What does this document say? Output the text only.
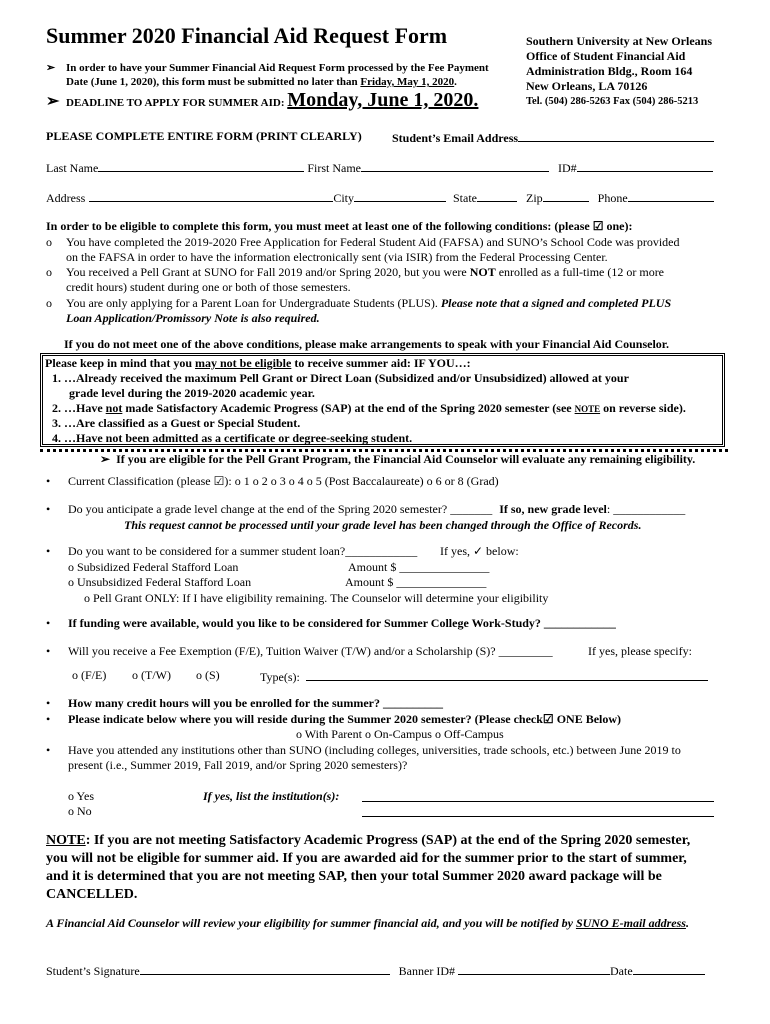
Summer 2020 Financial Aid Request Form
➢ In order to have your Summer Financial Aid Request Form processed by the Fee Payment
Date (June 1, 2020), this form must be submitted no later than Friday, May 1, 2020.
➢ DEADLINE TO APPLY FOR SUMMER AID: Monday, June 1, 2020.
Southern University at New Orleans
Office of Student Financial Aid
Administration Bldg., Room 164
New Orleans, LA 70126
Tel. (504) 286-5263 Fax (504) 286-5213
PLEASE COMPLETE ENTIRE FORM (PRINT CLEARLY)	Student’s Email Address
Last Name	First Name	ID#
Address	City	State	Zip	Phone
In order to be eligible to complete this form, you must meet at least one of the following conditions: (please ☑ one):
o You have completed the 2019-2020 Free Application for Federal Student Aid (FAFSA) and SUNO’s School Code was provided
on the FAFSA in order to have the information electronically sent (via ISIR) from the Federal Processing Center.
o You received a Pell Grant at SUNO for Fall 2019 and/or Spring 2020, but you were NOT enrolled as a full-time (12 or more
credit hours) student during one or both of those semesters.
o You are only applying for a Parent Loan for Undergraduate Students (PLUS). Please note that a signed and completed PLUS
Loan Application/Promissory Note is also required.
If you do not meet one of the above conditions, please make arrangements to speak with your Financial Aid Counselor.
Please keep in mind that you may not be eligible to receive summer aid: IF YOU…:
1. …Already received the maximum Pell Grant or Direct Loan (Subsidized and/or Unsubsidized) allowed at your
grade level during the 2019-2020 academic year.
2. …Have not made Satisfactory Academic Progress (SAP) at the end of the Spring 2020 semester (see NOTE on reverse side).
3. …Are classified as a Guest or Special Student.
4. …Have not been admitted as a certificate or degree-seeking student.
➢ If you are eligible for the Pell Grant Program, the Financial Aid Counselor will evaluate any remaining eligibility.
• Current Classification (please ☑): o 1 o 2 o 3 o 4 o 5 (Post Baccalaureate) o 6 or 8 (Grad)
• Do you anticipate a grade level change at the end of the Spring 2020 semester? _______ If so, new grade level: ____________
This request cannot be processed until your grade level has been changed through the Office of Records.
• Do you want to be considered for a summer student loan?____________ If yes, ✓ below:
o Subsidized Federal Stafford Loan	Amount $ _______________
o Unsubsidized Federal Stafford Loan	Amount $ _______________
o Pell Grant ONLY: If I have eligibility remaining. The Counselor will determine your eligibility
• If funding were available, would you like to be considered for Summer College Work-Study? ____________
• Will you receive a Fee Exemption (F/E), Tuition Waiver (T/W) and/or a Scholarship (S)? _________	If yes, please specify:
o (F/E) o (T/W) o (S)	Type(s):
• How many credit hours will you be enrolled for the summer? __________
• Please indicate below where you will reside during the Summer 2020 semester? (Please check☑ ONE Below)
o With Parent o On-Campus o Off-Campus
• Have you attended any institutions other than SUNO (including colleges, universities, trade schools, etc.) between June 2019 to
present (i.e., Summer 2019, Fall 2019, and/or Spring 2020 semesters)?
o Yes	If yes, list the institution(s):
o No
NOTE: If you are not meeting Satisfactory Academic Progress (SAP) at the end of the Spring 2020 semester,
you will not be eligible for summer aid. If you are awarded aid for the summer prior to the start of summer,
and it is determined that you are not meeting SAP, then your total Summer 2020 award package will be
CANCELLED.
A Financial Aid Counselor will review your eligibility for summer financial aid, and you will be notified by SUNO E-mail address.
Student’s Signature	Banner ID#	Date
